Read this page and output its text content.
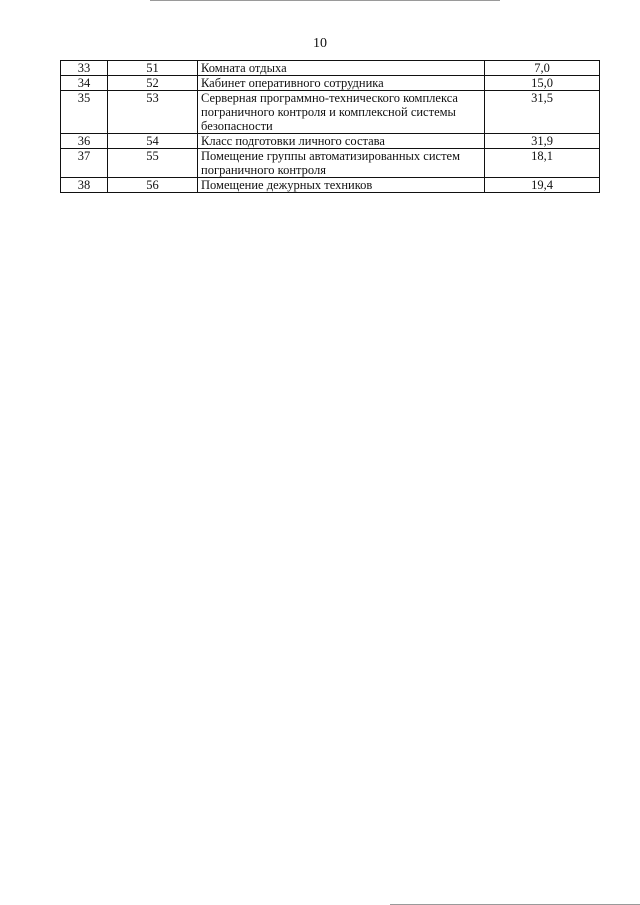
10
33	51	Комната отдыха	7,0
34	52	Кабинет оперативного сотрудника	15,0
35	53	Серверная программно-технического комплекса пограничного контроля и комплексной системы безопасности	31,5
36	54	Класс подготовки личного состава	31,9
37	55	Помещение группы автоматизированных систем пограничного контроля	18,1
38	56	Помещение дежурных техников	19,4
